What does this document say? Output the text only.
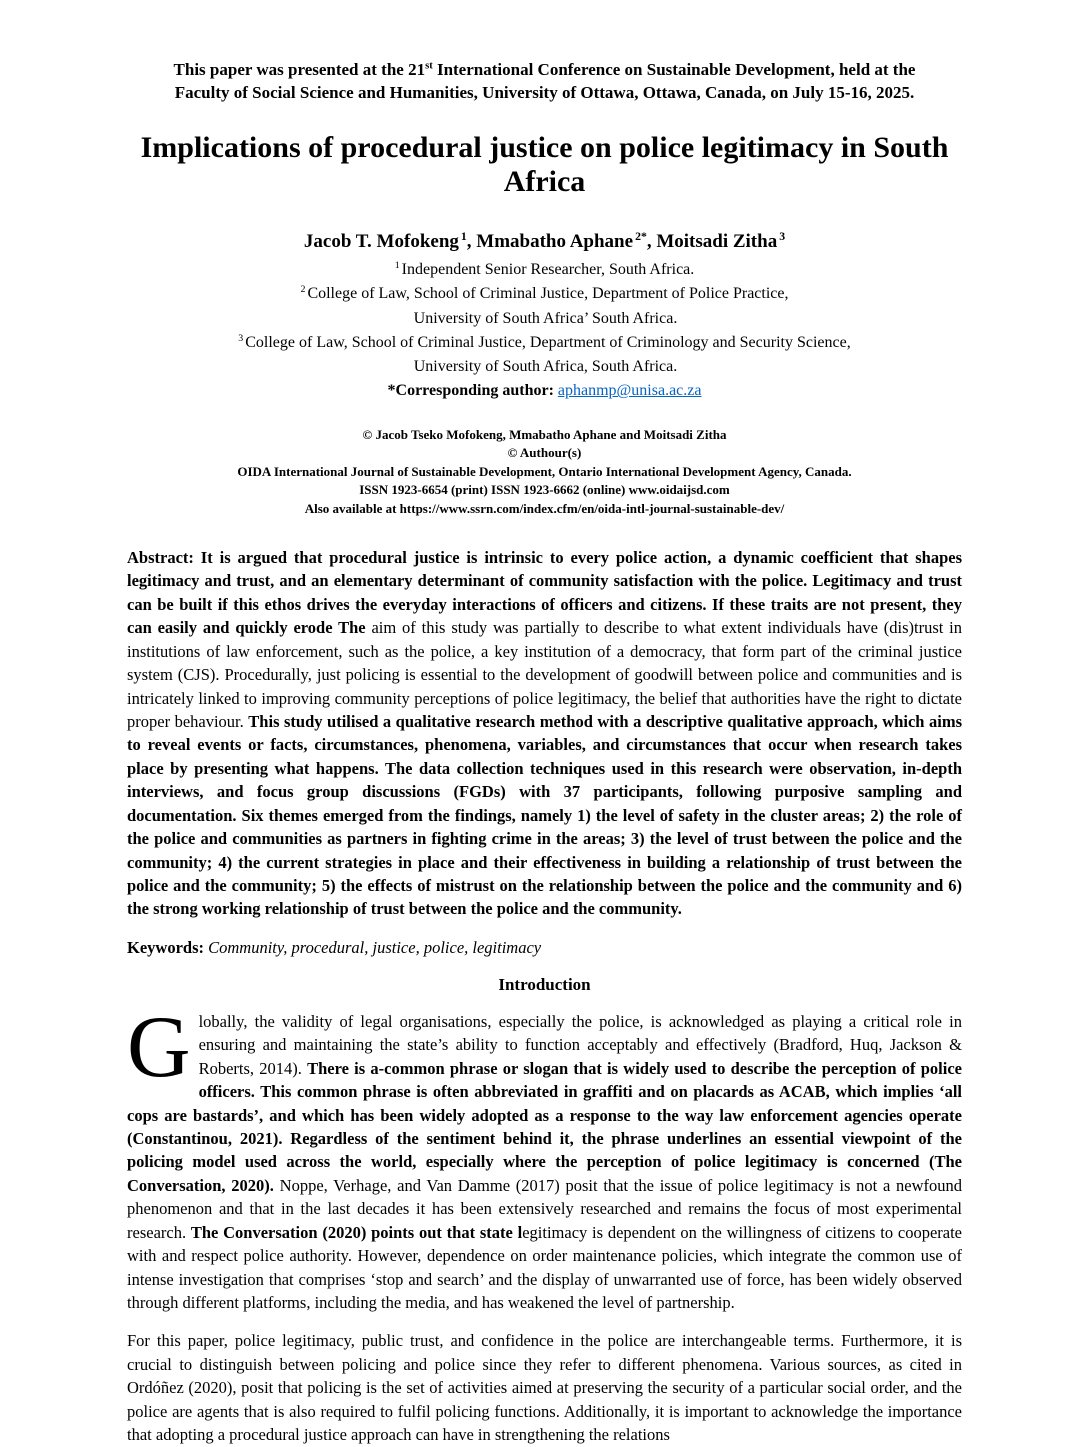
This paper was presented at the 21st International Conference on Sustainable Development, held at the
Faculty of Social Science and Humanities, University of Ottawa, Ottawa, Canada, on July 15-16, 2025.
Implications of procedural justice on police legitimacy in South Africa
Jacob T. Mofokeng $^1$, Mmabatho Aphane $^{2*}$, Moitsadi Zitha $^3$
$^1$ Independent Senior Researcher, South Africa.
$^2$ College of Law, School of Criminal Justice, Department of Police Practice,
University of South Africa’ South Africa.
$^3$ College of Law, School of Criminal Justice, Department of Criminology and Security Science,
University of South Africa, South Africa.
*Corresponding author: aphanmp@unisa.ac.za
© Jacob Tseko Mofokeng, Mmabatho Aphane and Moitsadi Zitha
© Authour(s)
OIDA International Journal of Sustainable Development, Ontario International Development Agency, Canada.
ISSN 1923-6654 (print) ISSN 1923-6662 (online) www.oidaijsd.com
Also available at https://www.ssrn.com/index.cfm/en/oida-intl-journal-sustainable-dev/

Abstract: It is argued that procedural justice is intrinsic to every police action, a dynamic coefficient that shapes legitimacy and trust, and an elementary determinant of community satisfaction with the police. Legitimacy and trust can be built if this ethos drives the everyday interactions of officers and citizens. If these traits are not present, they can easily and quickly erode The aim of this study was partially to describe to what extent individuals have (dis)trust in institutions of law enforcement, such as the police, a key institution of a democracy, that form part of the criminal justice system (CJS). Procedurally, just policing is essential to the development of goodwill between police and communities and is intricately linked to improving community perceptions of police legitimacy, the belief that authorities have the right to dictate proper behaviour. This study utilised a qualitative research method with a descriptive qualitative approach, which aims to reveal events or facts, circumstances, phenomena, variables, and circumstances that occur when research takes place by presenting what happens. The data collection techniques used in this research were observation, in-depth interviews, and focus group discussions (FGDs) with 37 participants, following purposive sampling and documentation. Six themes emerged from the findings, namely 1) the level of safety in the cluster areas; 2) the role of the police and communities as partners in fighting crime in the areas; 3) the level of trust between the police and the community; 4) the current strategies in place and their effectiveness in building a relationship of trust between the police and the community; 5) the effects of mistrust on the relationship between the police and the community and 6) the strong working relationship of trust between the police and the community.

Keywords: Community, procedural, justice, police, legitimacy

Introduction

Globally, the validity of legal organisations, especially the police, is acknowledged as playing a critical role in ensuring and maintaining the state’s ability to function acceptably and effectively (Bradford, Huq, Jackson & Roberts, 2014). There is a-common phrase or slogan that is widely used to describe the perception of police officers. This common phrase is often abbreviated in graffiti and on placards as ACAB, which implies ‘all cops are bastards’, and which has been widely adopted as a response to the way law enforcement agencies operate (Constantinou, 2021). Regardless of the sentiment behind it, the phrase underlines an essential viewpoint of the policing model used across the world, especially where the perception of police legitimacy is concerned (The Conversation, 2020). Noppe, Verhage, and Van Damme (2017) posit that the issue of police legitimacy is not a newfound phenomenon and that in the last decades it has been extensively researched and remains the focus of most experimental research. The Conversation (2020) points out that state legitimacy is dependent on the willingness of citizens to cooperate with and respect police authority. However, dependence on order maintenance policies, which integrate the common use of intense investigation that comprises ‘stop and search’ and the display of unwarranted use of force, has been widely observed through different platforms, including the media, and has weakened the level of partnership.

For this paper, police legitimacy, public trust, and confidence in the police are interchangeable terms. Furthermore, it is crucial to distinguish between policing and police since they refer to different phenomena. Various sources, as cited in Ordóñez (2020), posit that policing is the set of activities aimed at preserving the security of a particular social order, and the police are agents that is also required to fulfil policing functions. Additionally, it is important to acknowledge the importance that adopting a procedural justice approach can have in strengthening the relations
